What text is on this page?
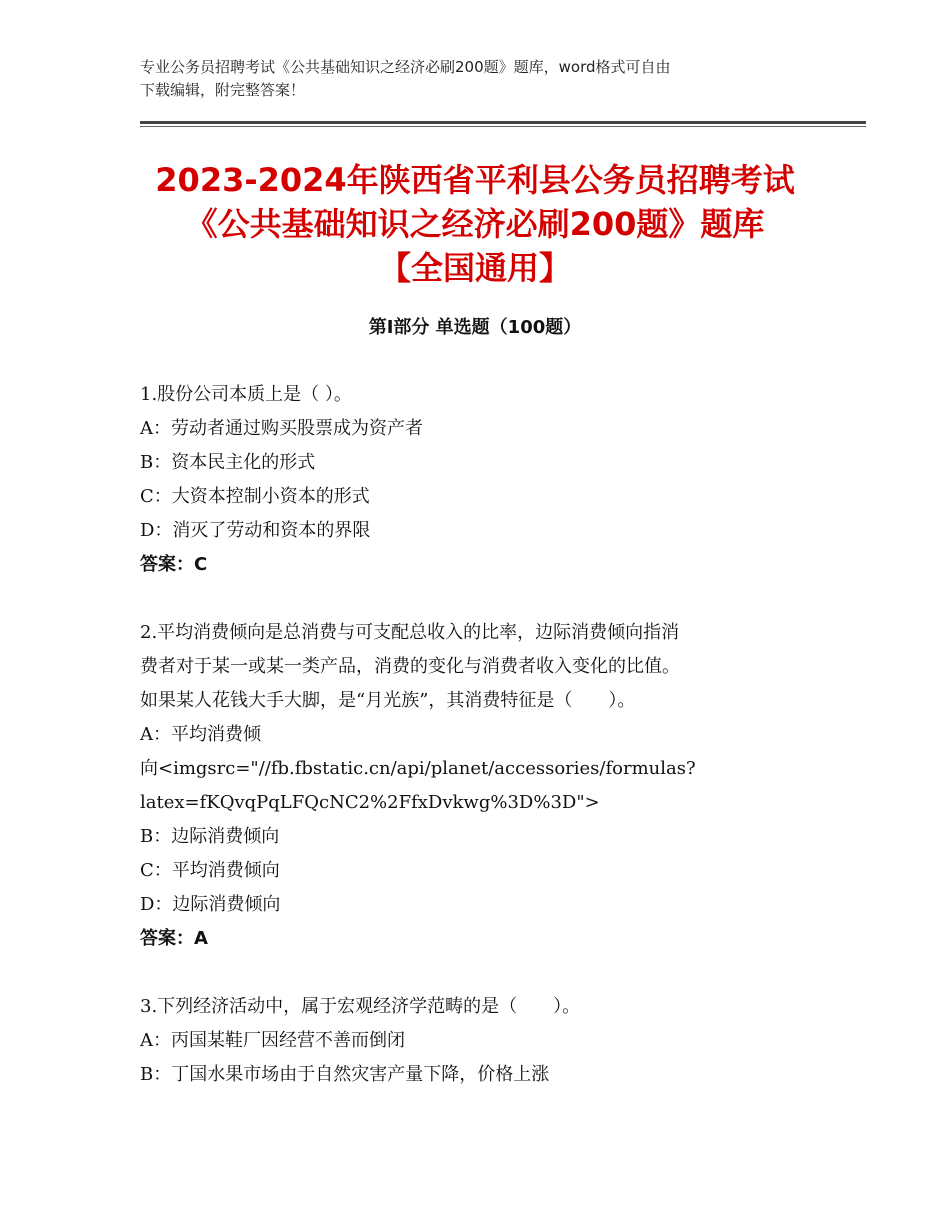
专业公务员招聘考试《公共基础知识之经济必刷200题》题库，word格式可自由
下载编辑，附完整答案！
2023-2024年陕西省平利县公务员招聘考试
《公共基础知识之经济必刷200题》题库
【全国通用】
第Ⅰ部分 单选题（100题）
1.股份公司本质上是（ ）。
A：劳动者通过购买股票成为资产者
B：资本民主化的形式
C：大资本控制小资本的形式
D：消灭了劳动和资本的界限
答案：C
2.平均消费倾向是总消费与可支配总收入的比率，边际消费倾向指消
费者对于某一或某一类产品，消费的变化与消费者收入变化的比值。
如果某人花钱大手大脚，是“月光族”，其消费特征是（　　）。
A：平均消费倾
向<imgsrc="//fb.fbstatic.cn/api/planet/accessories/formulas?
latex=fKQvqPqLFQcNC2%2FfxDvkwg%3D%3D">
B：边际消费倾向
C：平均消费倾向
D：边际消费倾向
答案：A
3.下列经济活动中，属于宏观经济学范畴的是（　　）。
A：丙国某鞋厂因经营不善而倒闭
B：丁国水果市场由于自然灾害产量下降，价格上涨
